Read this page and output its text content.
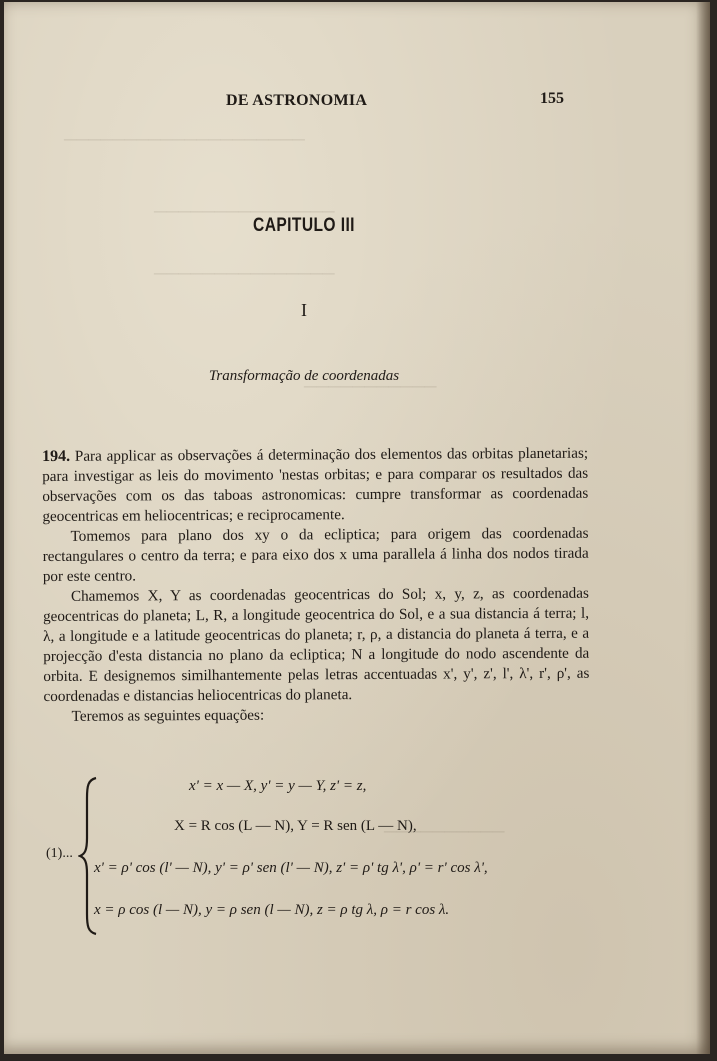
────────────────────
───────────────
───────────────
───────────
──────────
DE ASTRONOMIA	155
CAPITULO III
I
Transformação de coordenadas

194. Para applicar as observações á determinação dos elementos das orbitas planetarias; para investigar as leis do movimento 'nestas orbitas; e para comparar os resultados das observações com os das taboas astronomicas: cumpre transformar as coordenadas geocentricas em heliocentricas; e reciprocamente.

Tomemos para plano dos xy o da ecliptica; para origem das coordenadas rectangulares o centro da terra; e para eixo dos x uma parallela á linha dos nodos tirada por este centro.

Chamemos X, Y as coordenadas geocentricas do Sol; x, y, z, as coordenadas geocentricas do planeta; L, R, a longitude geocentrica do Sol, e a sua distancia á terra; l, λ, a longitude e a latitude geocentricas do planeta; r, ρ, a distancia do planeta á terra, e a projecção d'esta distancia no plano da ecliptica; N a longitude do nodo ascendente da orbita. E designemos similhantemente pelas letras accentuadas x', y', z', l', λ', r', ρ', as coordenadas e distancias heliocentricas do planeta.

Teremos as seguintes equações:

(1)...
x' = x — X, y' = y — Y, z' = z,
X = R cos (L — N), Y = R sen (L — N),
x' = ρ' cos (l' — N), y' = ρ' sen (l' — N), z' = ρ' tg λ', ρ' = r' cos λ',
x = ρ cos (l — N), y = ρ sen (l — N), z = ρ tg λ, ρ = r cos λ.
